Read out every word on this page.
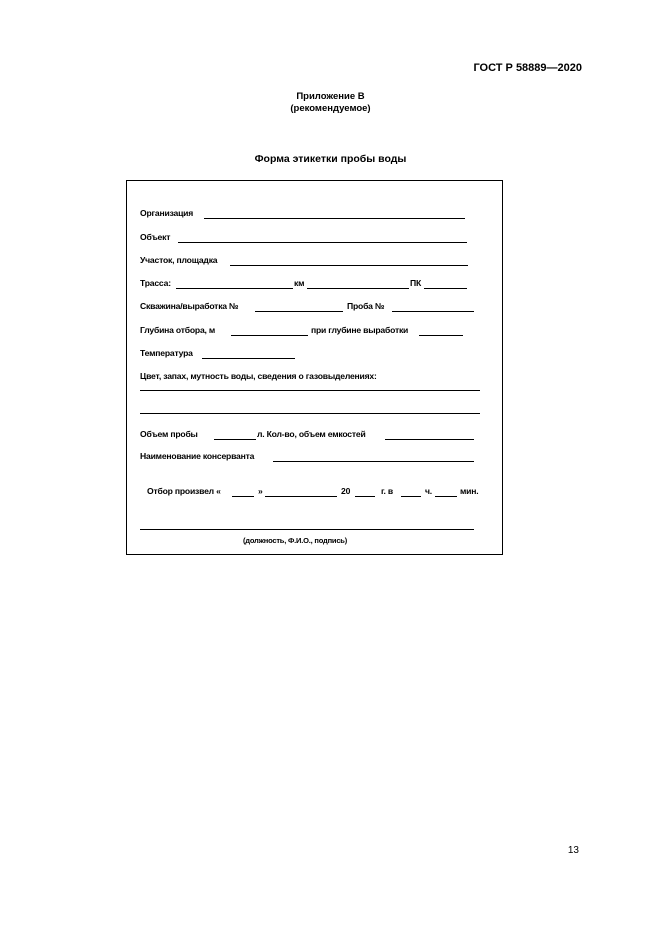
ГОСТ Р 58889—2020
Приложение В
(рекомендуемое)
Форма этикетки пробы воды
Организация
Объект
Участок, площадка
Трасса:	км	ПК
Скважина/выработка №	Проба №
Глубина отбора, м	при глубине выработки
Температура
Цвет, запах, мутность воды, сведения о газовыделениях:
Объем пробы	л. Кол-во, объем емкостей
Наименование консерванта
Отбор произвел «	»	20	г. в	ч.	мин.
(должность, Ф.И.О., подпись)
13
